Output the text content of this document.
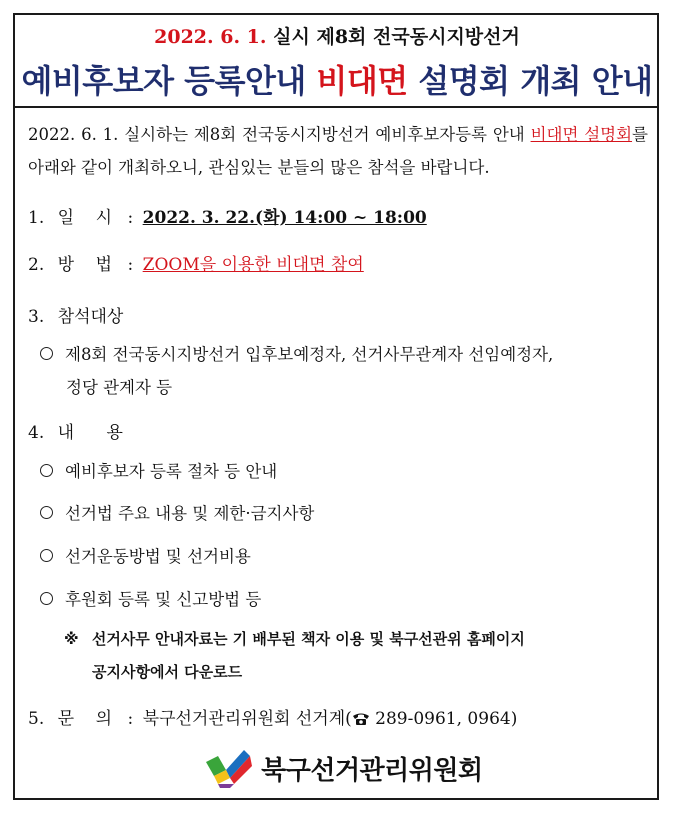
2022. 6. 1. 실시 제8회 전국동시지방선거
예비후보자 등록안내 비대면 설명회 개최 안내
2022. 6. 1. 실시하는 제8회 전국동시지방선거 예비후보자등록 안내 비대면 설명회를 아래와 같이 개최하오니, 관심있는 분들의 많은 참석을 바랍니다.
1. 일    시 : 2022. 3. 22.(화) 14:00 ~ 18:00
2. 방    법 : ZOOM을 이용한 비대면 참여
3. 참석대상
제8회 전국동시지방선거 입후보예정자, 선거사무관계자 선임예정자,
정당 관계자 등
4. 내      용
예비후보자 등록 절차 등 안내
선거법 주요 내용 및 제한·금지사항
선거운동방법 및 선거비용
후원회 등록 및 신고방법 등
※ 선거사무 안내자료는 기 배부된 책자 이용 및 북구선관위 홈페이지
공지사항에서 다운로드
5. 문    의 : 북구선거관리위원회 선거계( 289-0961, 0964)
북구선거관리위원회
